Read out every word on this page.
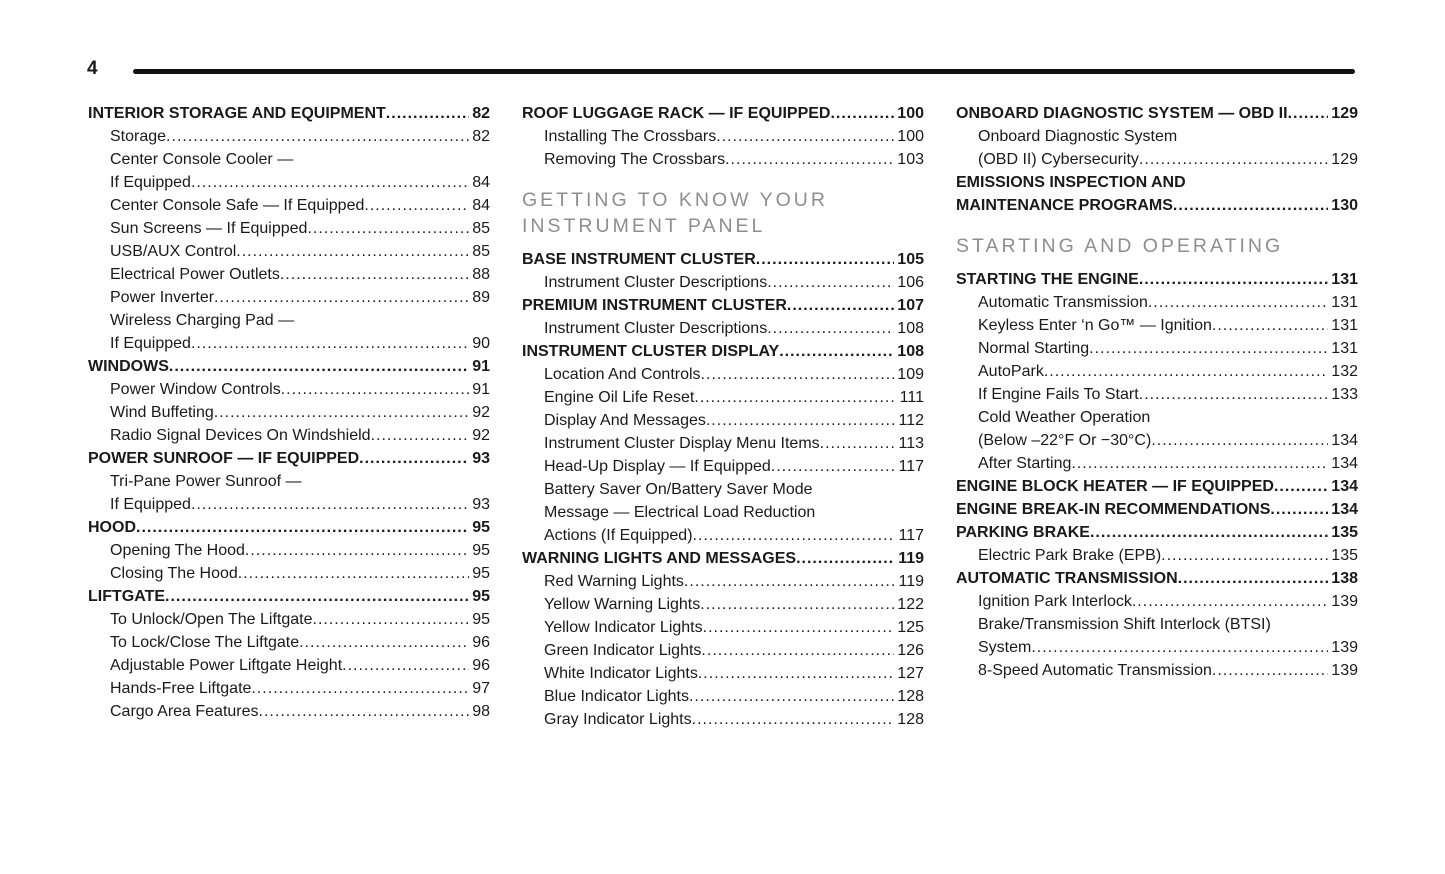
4
INTERIOR STORAGE AND EQUIPMENT .....	82
Storage .....	82
Center Console Cooler —
If Equipped .....	84
Center Console Safe — If Equipped .....	84
Sun Screens — If Equipped .....	85
USB/AUX Control .....	85
Electrical Power Outlets .....	88
Power Inverter .....	89
Wireless Charging Pad —
If Equipped .....	90
WINDOWS .....	91
Power Window Controls .....	91
Wind Buffeting .....	92
Radio Signal Devices On Windshield .....	92
POWER SUNROOF — IF EQUIPPED .....	93
Tri-Pane Power Sunroof —
If Equipped .....	93
HOOD .....	95
Opening The Hood .....	95
Closing The Hood .....	95
LIFTGATE .....	95
To Unlock/Open The Liftgate .....	95
To Lock/Close The Liftgate .....	96
Adjustable Power Liftgate Height .....	96
Hands-Free Liftgate .....	97
Cargo Area Features .....	98
ROOF LUGGAGE RACK — IF EQUIPPED .....	100
Installing The Crossbars .....	100
Removing The Crossbars .....	103
GETTING TO KNOW YOUR
INSTRUMENT PANEL
BASE INSTRUMENT CLUSTER .....	105
Instrument Cluster Descriptions .....	106
PREMIUM INSTRUMENT CLUSTER .....	107
Instrument Cluster Descriptions .....	108
INSTRUMENT CLUSTER DISPLAY .....	108
Location And Controls .....	109
Engine Oil Life Reset .....	111
Display And Messages .....	112
Instrument Cluster Display Menu Items .....	113
Head-Up Display — If Equipped .....	117
Battery Saver On/Battery Saver Mode
Message — Electrical Load Reduction
Actions (If Equipped) .....	117
WARNING LIGHTS AND MESSAGES .....	119
Red Warning Lights .....	119
Yellow Warning Lights .....	122
Yellow Indicator Lights .....	125
Green Indicator Lights .....	126
White Indicator Lights .....	127
Blue Indicator Lights .....	128
Gray Indicator Lights .....	128
ONBOARD DIAGNOSTIC SYSTEM — OBD II .....	129
Onboard Diagnostic System
(OBD II) Cybersecurity .....	129
EMISSIONS INSPECTION AND
MAINTENANCE PROGRAMS .....	130
STARTING AND OPERATING
STARTING THE ENGINE .....	131
Automatic Transmission .....	131
Keyless Enter ‘n Go™ — Ignition .....	131
Normal Starting .....	131
AutoPark .....	132
If Engine Fails To Start .....	133
Cold Weather Operation
(Below –22°F Or −30°C) .....	134
After Starting .....	134
ENGINE BLOCK HEATER — IF EQUIPPED .....	134
ENGINE BREAK-IN RECOMMENDATIONS .....	134
PARKING BRAKE .....	135
Electric Park Brake (EPB) .....	135
AUTOMATIC TRANSMISSION .....	138
Ignition Park Interlock .....	139
Brake/Transmission Shift Interlock (BTSI)
System .....	139
8-Speed Automatic Transmission .....	139
